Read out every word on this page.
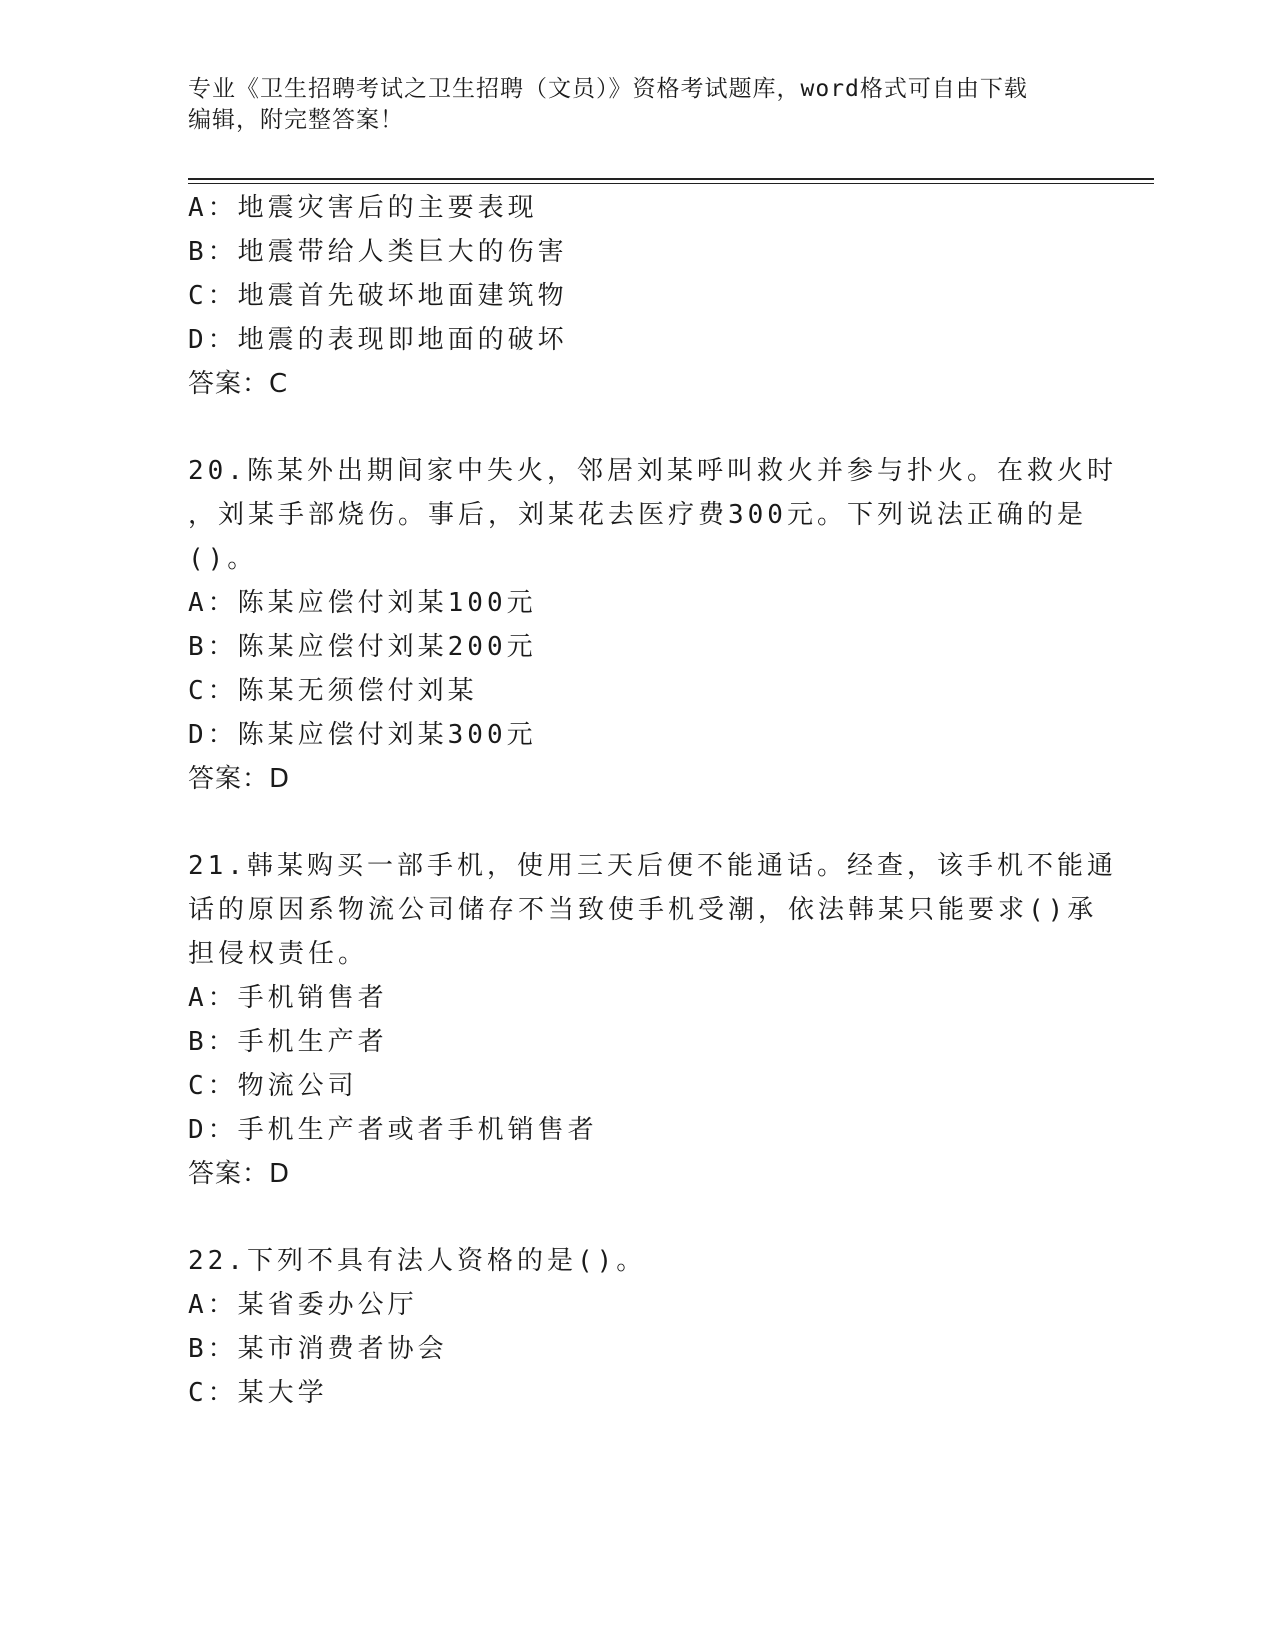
专业《卫生招聘考试之卫生招聘（文员）》资格考试题库，word格式可自由下载
编辑，附完整答案！
A：地震灾害后的主要表现
B：地震带给人类巨大的伤害
C：地震首先破坏地面建筑物
D：地震的表现即地面的破坏
答案：C
20.陈某外出期间家中失火，邻居刘某呼叫救火并参与扑火。在救火时
，刘某手部烧伤。事后，刘某花去医疗费300元。下列说法正确的是
()。
A：陈某应偿付刘某100元
B：陈某应偿付刘某200元
C：陈某无须偿付刘某
D：陈某应偿付刘某300元
答案：D
21.韩某购买一部手机，使用三天后便不能通话。经查，该手机不能通
话的原因系物流公司储存不当致使手机受潮，依法韩某只能要求()承
担侵权责任。
A：手机销售者
B：手机生产者
C：物流公司
D：手机生产者或者手机销售者
答案：D
22.下列不具有法人资格的是()。
A：某省委办公厅
B：某市消费者协会
C：某大学
